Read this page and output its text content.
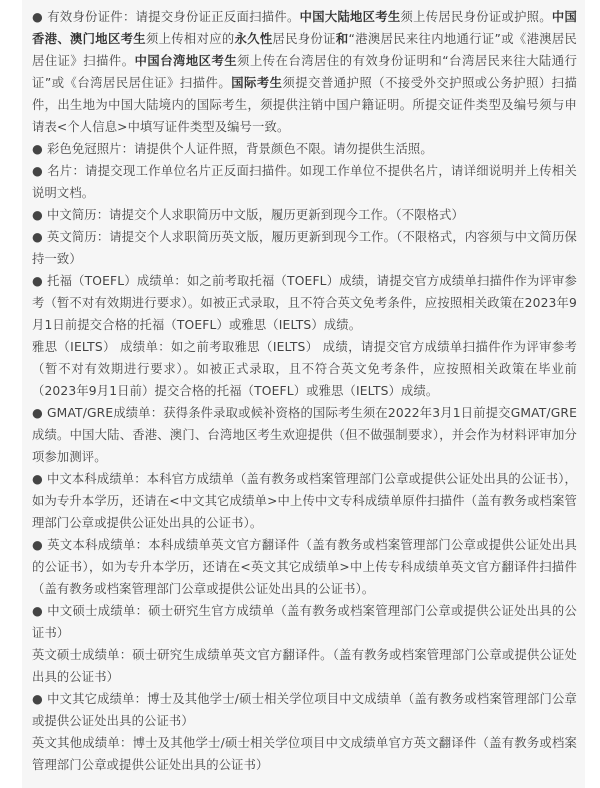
● 有效身份证件：请提交身份证正反面扫描件。中国大陆地区考生须上传居民身份证或护照。中国香港、澳门地区考生须上传相对应的永久性居民身份证和“港澳居民来往内地通行证”或《港澳居民居住证》扫描件。中国台湾地区考生须上传在台湾居住的有效身份证明和“台湾居民来往大陆通行证”或《台湾居民居住证》扫描件。国际考生须提交普通护照（不接受外交护照或公务护照）扫描件，出生地为中国大陆境内的国际考生，须提供注销中国户籍证明。所提交证件类型及编号须与申请表<个人信息>中填写证件类型及编号一致。

● 彩色免冠照片：请提供个人证件照，背景颜色不限。请勿提供生活照。

● 名片：请提交现工作单位名片正反面扫描件。如现工作单位不提供名片，请详细说明并上传相关说明文档。

● 中文简历：请提交个人求职简历中文版，履历更新到现今工作。（不限格式）

● 英文简历：请提交个人求职简历英文版，履历更新到现今工作。（不限格式，内容须与中文简历保持一致）

● 托福（TOEFL）成绩单：如之前考取托福（TOEFL）成绩，请提交官方成绩单扫描件作为评审参考（暂不对有效期进行要求）。如被正式录取，且不符合英文免考条件，应按照相关政策在2023年9月1日前提交合格的托福（TOEFL）或雅思（IELTS）成绩。

雅思（IELTS） 成绩单：如之前考取雅思（IELTS） 成绩，请提交官方成绩单扫描件作为评审参考（暂不对有效期进行要求）。如被正式录取，且不符合英文免考条件，应按照相关政策在毕业前（2023年9月1日前）提交合格的托福（TOEFL）或雅思（IELTS）成绩。

● GMAT/GRE成绩单：获得条件录取或候补资格的国际考生须在2022年3月1日前提交GMAT/GRE成绩。中国大陆、香港、澳门、台湾地区考生欢迎提供（但不做强制要求），并会作为材料评审加分项参加测评。

● 中文本科成绩单：本科官方成绩单（盖有教务或档案管理部门公章或提供公证处出具的公证书），如为专升本学历，还请在<中文其它成绩单>中上传中文专科成绩单原件扫描件（盖有教务或档案管理部门公章或提供公证处出具的公证书）。

● 英文本科成绩单：本科成绩单英文官方翻译件（盖有教务或档案管理部门公章或提供公证处出具的公证书），如为专升本学历，还请在<英文其它成绩单>中上传专科成绩单英文官方翻译件扫描件（盖有教务或档案管理部门公章或提供公证处出具的公证书）。

● 中文硕士成绩单：硕士研究生官方成绩单（盖有教务或档案管理部门公章或提供公证处出具的公证书）

英文硕士成绩单：硕士研究生成绩单英文官方翻译件。（盖有教务或档案管理部门公章或提供公证处出具的公证书）

● 中文其它成绩单：博士及其他学士/硕士相关学位项目中文成绩单（盖有教务或档案管理部门公章或提供公证处出具的公证书）

英文其他成绩单：博士及其他学士/硕士相关学位项目中文成绩单官方英文翻译件（盖有教务或档案管理部门公章或提供公证处出具的公证书）
